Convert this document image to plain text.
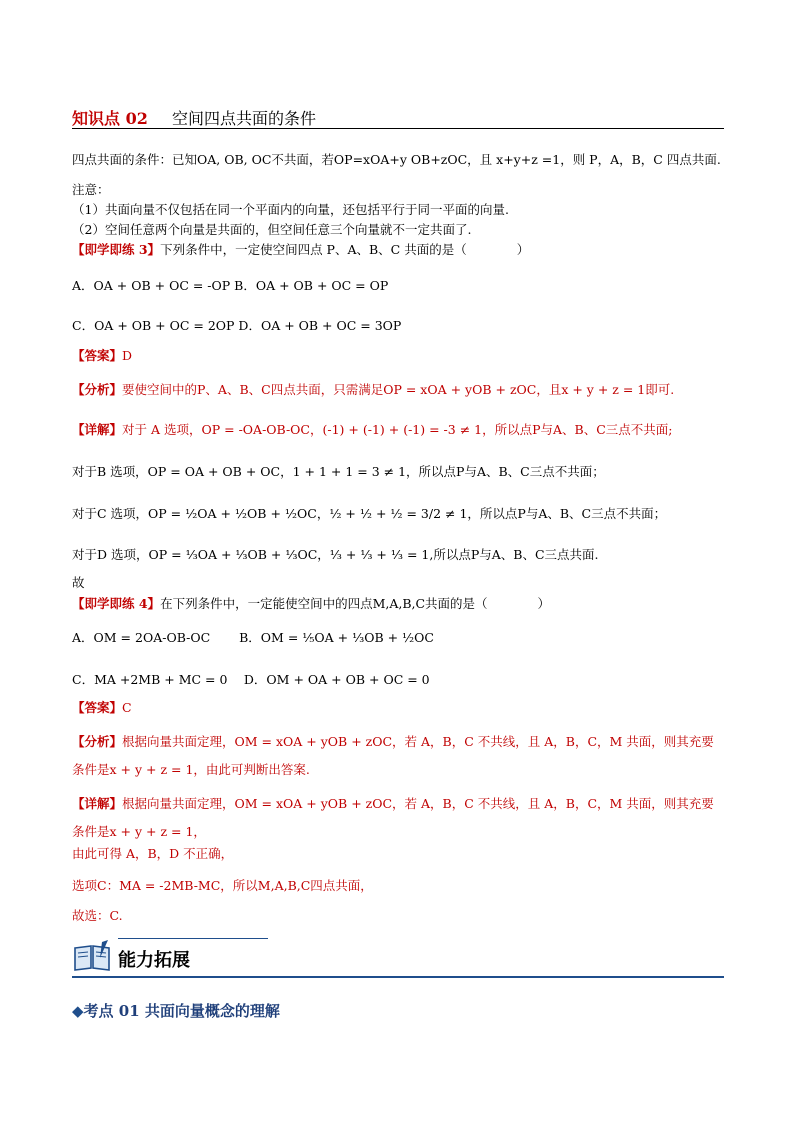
知识点 02 空间四点共面的条件
四点共面的条件：已知OA, OB, OC不共面，若OP=xOA+y OB+zOC，且 x+y+z =1，则 P，A，B，C 四点共面.
注意：
（1）共面向量不仅包括在同一个平面内的向量，还包括平行于同一平面的向量.
（2）空间任意两个向量是共面的，但空间任意三个向量就不一定共面了.
【即学即练 3】下列条件中，一定使空间四点 P、A、B、C 共面的是（　　　　）
A．OA + OB + OC = -OP B．OA + OB + OC = OP
C．OA + OB + OC = 2OP D．OA + OB + OC = 3OP
【答案】D
【分析】要使空间中的P、A、B、C四点共面，只需满足OP = xOA + yOB + zOC，且x + y + z = 1即可.
【详解】对于 A 选项，OP = -OA-OB-OC，(-1) + (-1) + (-1) = -3 ≠ 1，所以点P与A、B、C三点不共面;
对于B 选项，OP = OA + OB + OC，1 + 1 + 1 = 3 ≠ 1，所以点P与A、B、C三点不共面；
对于C 选项，OP = ½OA + ½OB + ½OC，½ + ½ + ½ = 3/2 ≠ 1，所以点P与A、B、C三点不共面；
对于D 选项，OP = ⅓OA + ⅓OB + ⅓OC，⅓ + ⅓ + ⅓ = 1,所以点P与A、B、C三点共面.
故
【即学即练 4】在下列条件中，一定能使空间中的四点M,A,B,C共面的是（　　　　）
A．OM = 2OA-OB-OC　　 B．OM = ⅕OA + ⅓OB + ½OC
C．MA +2MB + MC = 0　 D．OM + OA + OB + OC = 0
【答案】C
【分析】根据向量共面定理，OM = xOA + yOB + zOC，若 A，B，C 不共线，且 A，B，C，M 共面，则其充要
条件是x + y + z = 1，由此可判断出答案.
【详解】根据向量共面定理，OM = xOA + yOB + zOC，若 A，B，C 不共线，且 A，B，C，M 共面，则其充要
条件是x + y + z = 1，
由此可得 A，B，D 不正确，
选项C：MA = -2MB-MC，所以M,A,B,C四点共面，
故选：C.
能力拓展
◆考点 01 共面向量概念的理解
